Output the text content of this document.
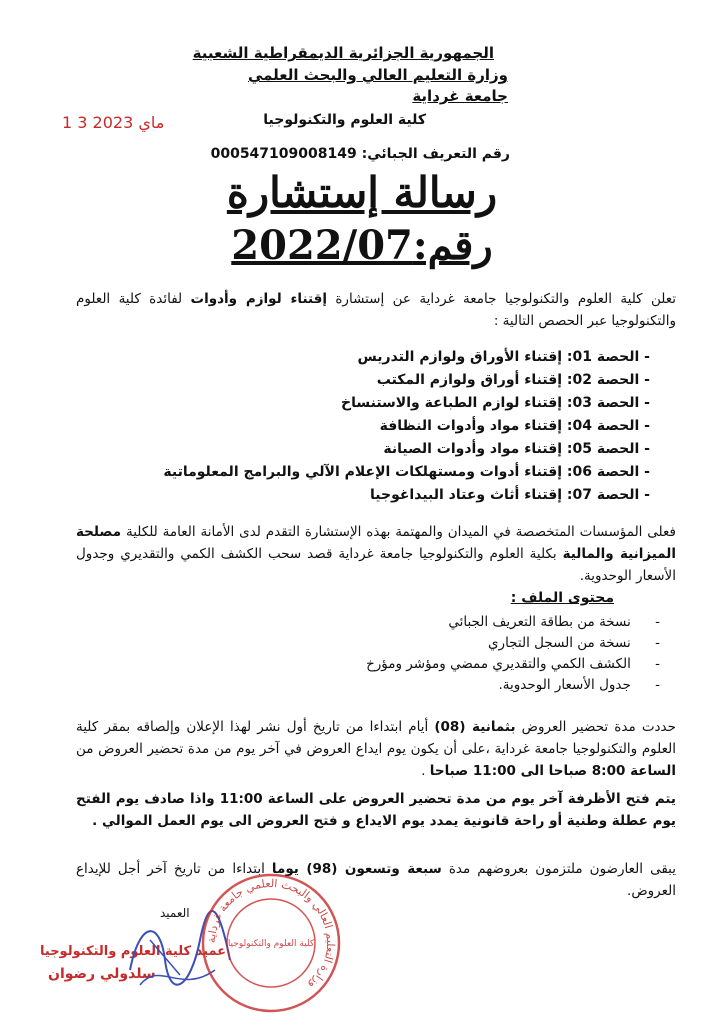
الجمهورية الجزائرية الديمقراطية الشعبية
وزارة التعليم العالي والبحث العلمي
جامعة غرداية
كلية العلوم والتكنولوجيا
1 3 ماي 2023
رقم التعريف الجبائي: 000547109008149
رسالة إستشارة
رقم:2022/07
تعلن كلية العلوم والتكنولوجيا جامعة غرداية عن إستشارة إقتناء لوازم وأدوات لفائدة كلية العلوم والتكنولوجيا عبر الحصص التالية :
- الحصة 01: إقتناء الأوراق ولوازم التدريس
- الحصة 02: إقتناء أوراق ولوازم المكتب
- الحصة 03: إقتناء لوازم الطباعة والاستنساخ
- الحصة 04: إقتناء مواد وأدوات النظافة
- الحصة 05: إقتناء مواد وأدوات الصيانة
- الحصة 06: إقتناء أدوات ومستهلكات الإعلام الآلي والبرامج المعلوماتية
- الحصة 07: إقتناء أثاث وعتاد البيداغوجيا
فعلى المؤسسات المتخصصة في الميدان والمهتمة بهذه الإستشارة التقدم لدى الأمانة العامة للكلية مصلحة الميزانية والمالية بكلية العلوم والتكنولوجيا جامعة غرداية قصد سحب الكشف الكمي والتقديري وجدول الأسعار الوحدوية.
محتوى الملف :
- نسخة من بطاقة التعريف الجبائي
- نسخة من السجل التجاري
- الكشف الكمي والتقديري ممضي ومؤشر ومؤرخ
- جدول الأسعار الوحدوية.
حددت مدة تحضير العروض بثمانية (08) أيام ابتداءا من تاريخ أول نشر لهذا الإعلان وإلصاقه بمقر كلية العلوم والتكنولوجيا جامعة غرداية ،على أن يكون يوم ايداع العروض في آخر يوم من مدة تحضير العروض من الساعة 8:00 صباحا الى 11:00 صباحا .
يتم فتح الأظرفة آخر يوم من مدة تحضير العروض على الساعة 11:00 واذا صادف يوم الفتح يوم عطلة وطنية أو راحة قانونية يمدد يوم الايداع و فتح العروض الى يوم العمل الموالي .
يبقى العارضون ملتزمون بعروضهم مدة سبعة وتسعون (98) يوما ابتداءا من تاريخ آخر أجل للإيداع العروض.
العميد
عميد كلية العلوم والتكنولوجيا
سلدولي رضوان
وزارة التعليم العالي والبحث العلمي جامعة غرداية
كلية العلوم والتكنولوجيا
